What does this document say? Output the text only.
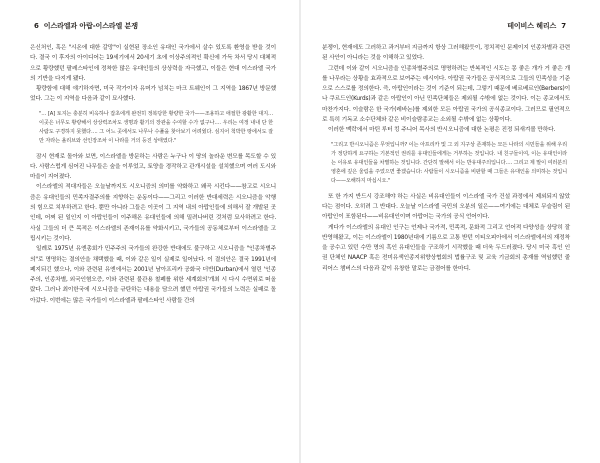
6 이스라엘과 아랍-이스라엘 분쟁

은신처인, 혹은 "시온에 대한 갈망"이 실현된 장소인 유대인 국가에서 살수 있도록 환영을 받을 것이다. 결국 이 후자의 아이디어는 19세기에서 20세기 초에 이상주의적인 확신에 가득 차서 당시 대체적으로 황량했던 팔레스타인에 정착한 많은 유대인들의 상상력을 자극했고, 이들은 현대 이스라엘 국가의 기반을 다지게 됐다.

황량함에 대해 얘기하자면, 미국 작가이자 유머가 넘치는 마크 트웨인이 그 지역을 1867년 방문했었다. 그는 이 지역을 다음과 같이 묘사했다.

"… [A] 토지는 충분히 비옥하나 잡초에게 완전히 정복당한 황량한 국가——조용하고 애절한 광활한 대지… 이곳은 너무도 황량해서 상상력조차도 생명과 활기의 장관을 수여할 수가 없구나…. 우리는 여정 내내 단 한 사람도 구경하지 못했다…. 그 어느 곳에서도 나무나 수풀을 찾아보기 어려웠다. 심지어 척박한 땅에서도 잘만 자라는 올리브와 선인장조차 이 나라를 거의 등진 상태였다."

잠시 현재로 돌아와 보면, 이스라엘을 방문하는 사람은 누구나 이 땅의 놀라운 변모를 목도할 수 있다. 사람스럽게 심어진 나무들은 숲을 이루었고, 토양을 경작하고 관개시설을 설치했으며 여러 도시와 마을이 지어졌다.

이스라엘의 적대자들은 오늘날까지도 시오니즘의 의미를 약화하고 왜곡 시킨다——참고로 시오니즘은 유대인들의 민족자결주의를 지향하는 운동이다——그리고 이러한 반대세력은 시오니즘을 악행의 힘으로 치부하려고 한다. 뿐만 아니라 그들은 이곳이 그 지역 내의 아랍인들에 의해서 잘 개발된 곳인데, 어쩌 된 일인지 이 아랍인들이 이주해온 유대인들에 의해 밀려나버린 것처럼 묘사하려고 한다. 사실 그들의 더 큰 목적은 이스라엘의 존재이유를 약화시키고, 국가들의 공동체로부터 이스라엘을 고립시키는 것이다.

일례로 1975년 유엔총회가 민주주의 국가들의 완강한 반대에도 불구하고 시오니즘을 "인종차별주의"로 명명하는 결의안을 채택했을 때, 이와 같은 일이 실제로 일어났다. 이 결의안은 결국 1991년에 폐지되긴 했으나, 이와 관련된 유엔에서는 2001년 남아프리카 공화국 더반(Durban)에서 열린 '인종주의, 인종차별, 외국인혐오증, 이와 관련된 불관용 철폐를 위한 세계회의'개최 시 다시 수면위로 떠올랐다. 그러나 최이한국에 시오니즘을 규탄하는 내용을 담으려 했던 아랍권 국가들의 노력은 실패로 돌아갔다. 이번에는 많은 국가들이 이스라엘과 팔레스타인 사람들 간의

테이비스 헤리스 7

분쟁이, 현재에도 그러하고 과거부터 지금까지 항상 그러해왔듯이, 정치적인 문제이지 인종차별과 관련된 사안이 아니라는 것을 이해하고 있었다.

그런데 이와 같이 시오니즘을 인종차별주의로 명명하려는 반복적인 시도는 몽 좋은 개가 거 좋은 개를 나무라는 상황을 효과적으로 보여주는 예시이다. 아랍권 국가들은 공식적으로 그들의 민족성을 기준으로 스스로를 정의한다. 즉, 아랍인이라는 것이 기준이 되는데, 그렇기 때문에 베르베르인(Berbers)이나 쿠르드인(Kurds)과 같은 아랍인이 아닌 민족단체들은 제외될 수밖에 없는 것이다. 이는 종교에서도 마찬가지다. 이슬람은 한 국가(레바논)를 제외한 모든 아랍권 국가의 공식종교이다. 그러므로 필연적으로 특히 기독교 소수단체와 같은 비이슬람종교는 소외될 수밖에 없는 상황이다.

이러한 맥락에서 마틴 루터 킹 주니어 목사의 반시오니즘에 대한 논평은 진정 되새겨볼 만하다.

"그리고 반시오니즘은 무엇입니까? 이는 아프리카 및 그 외 지구상 존재하는 모든 나라의 시민들을 위해 우리가 정당하게 요구하는 기본적인 권리를 유대인들에게는 거부하는 것입니다. 내 친구들이여, 이는 유대인이라는 이유로 유대인들을 차별하는 것입니다. 간단히 말해서 이는 반유대주의입니다…. 그리고 제 말이 여러분의 영혼에 깊은 울림을 주었으면 좋겠습니다: 사람들이 시오니즘을 비판할 때 그들은 유대인을 의미하는 것입니다——오해하지 마십시오."

또 한 가지 반드시 강조해야 하는 사실은 비유대인들이 이스라엘 국가 건설 과정에서 제외되지 않았다는 점이다. 오히려 그 반대다. 오늘날 이스라엘 국민의 오분의 일은——여기에는 대체로 무슬림이 된 아랍인이 포함된다——비유대인이며 아랍어는 국가의 공식 언어이다.

게다가 이스라엘의 유대인 인구는 언제나 국가적, 민족적, 문화적 그리고 언어적 다양성을 상당히 잘 반영해왔고, 이는 이스라엘이 1980년대에 기름으로 고통 받던 이티오피아에서 이스라엘에서의 재정착을 공수고 있던 수만 명의 흑인 유대인들을 구조하기 시작했을 때 더욱 두드러졌다. 당시 미국 흑인 인권 단체인 NAACP 혹은 전미유색인종지위향상협회의 법률구조 및 교육 기금회의 총재를 역임했던 줄리어스 챔버스의 다음과 같이 유창한 말로는 금겸어를 한마디.
